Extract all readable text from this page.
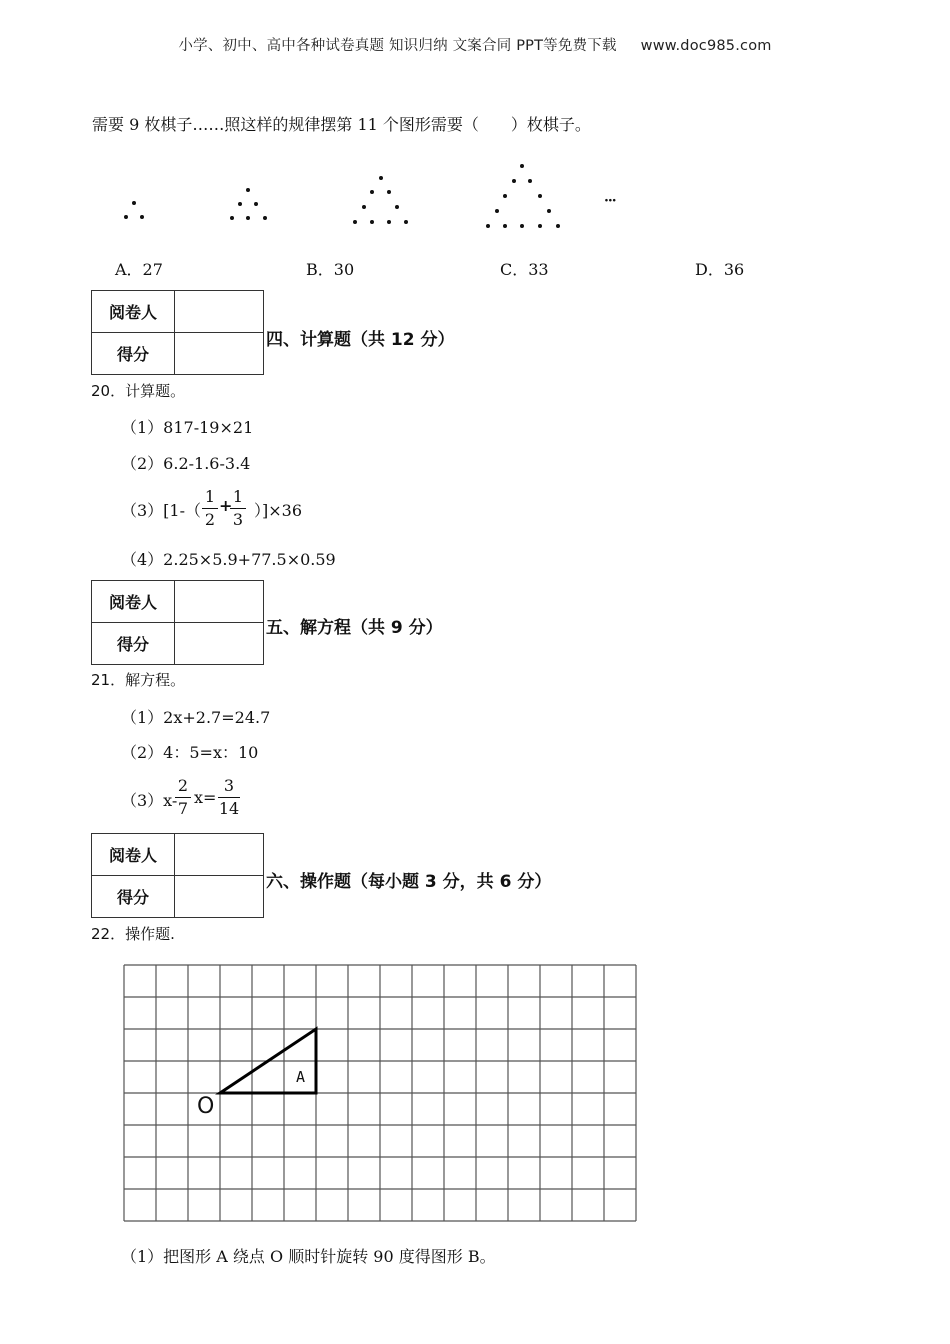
小学、初中、高中各种试卷真题 知识归纳 文案合同 PPT等免费下载 www.doc985.com
需要 9 枚棋子……照这样的规律摆第 11 个图形需要（　　）枚棋子。
···
A．27	B．30	C．33	D．36
阅卷人	
得分	
四、计算题（共 12 分）
20．计算题。
（1）817-19×21
（2）6.2-1.6-3.4
（3）[1-（
1
2
+ 1
3 ）]×36
（4）2.25×5.9+77.5×0.59
阅卷人	
得分	
五、解方程（共 9 分）
21．解方程。
（1）2x+2.7=24.7
（2）4：5=x：10
（3）x-
2
7
x=
3
14
阅卷人	
得分	
六、操作题（每小题 3 分，共 6 分）
22．操作题.
A
O
（1）把图形 A 绕点 O 顺时针旋转 90 度得图形 B。
